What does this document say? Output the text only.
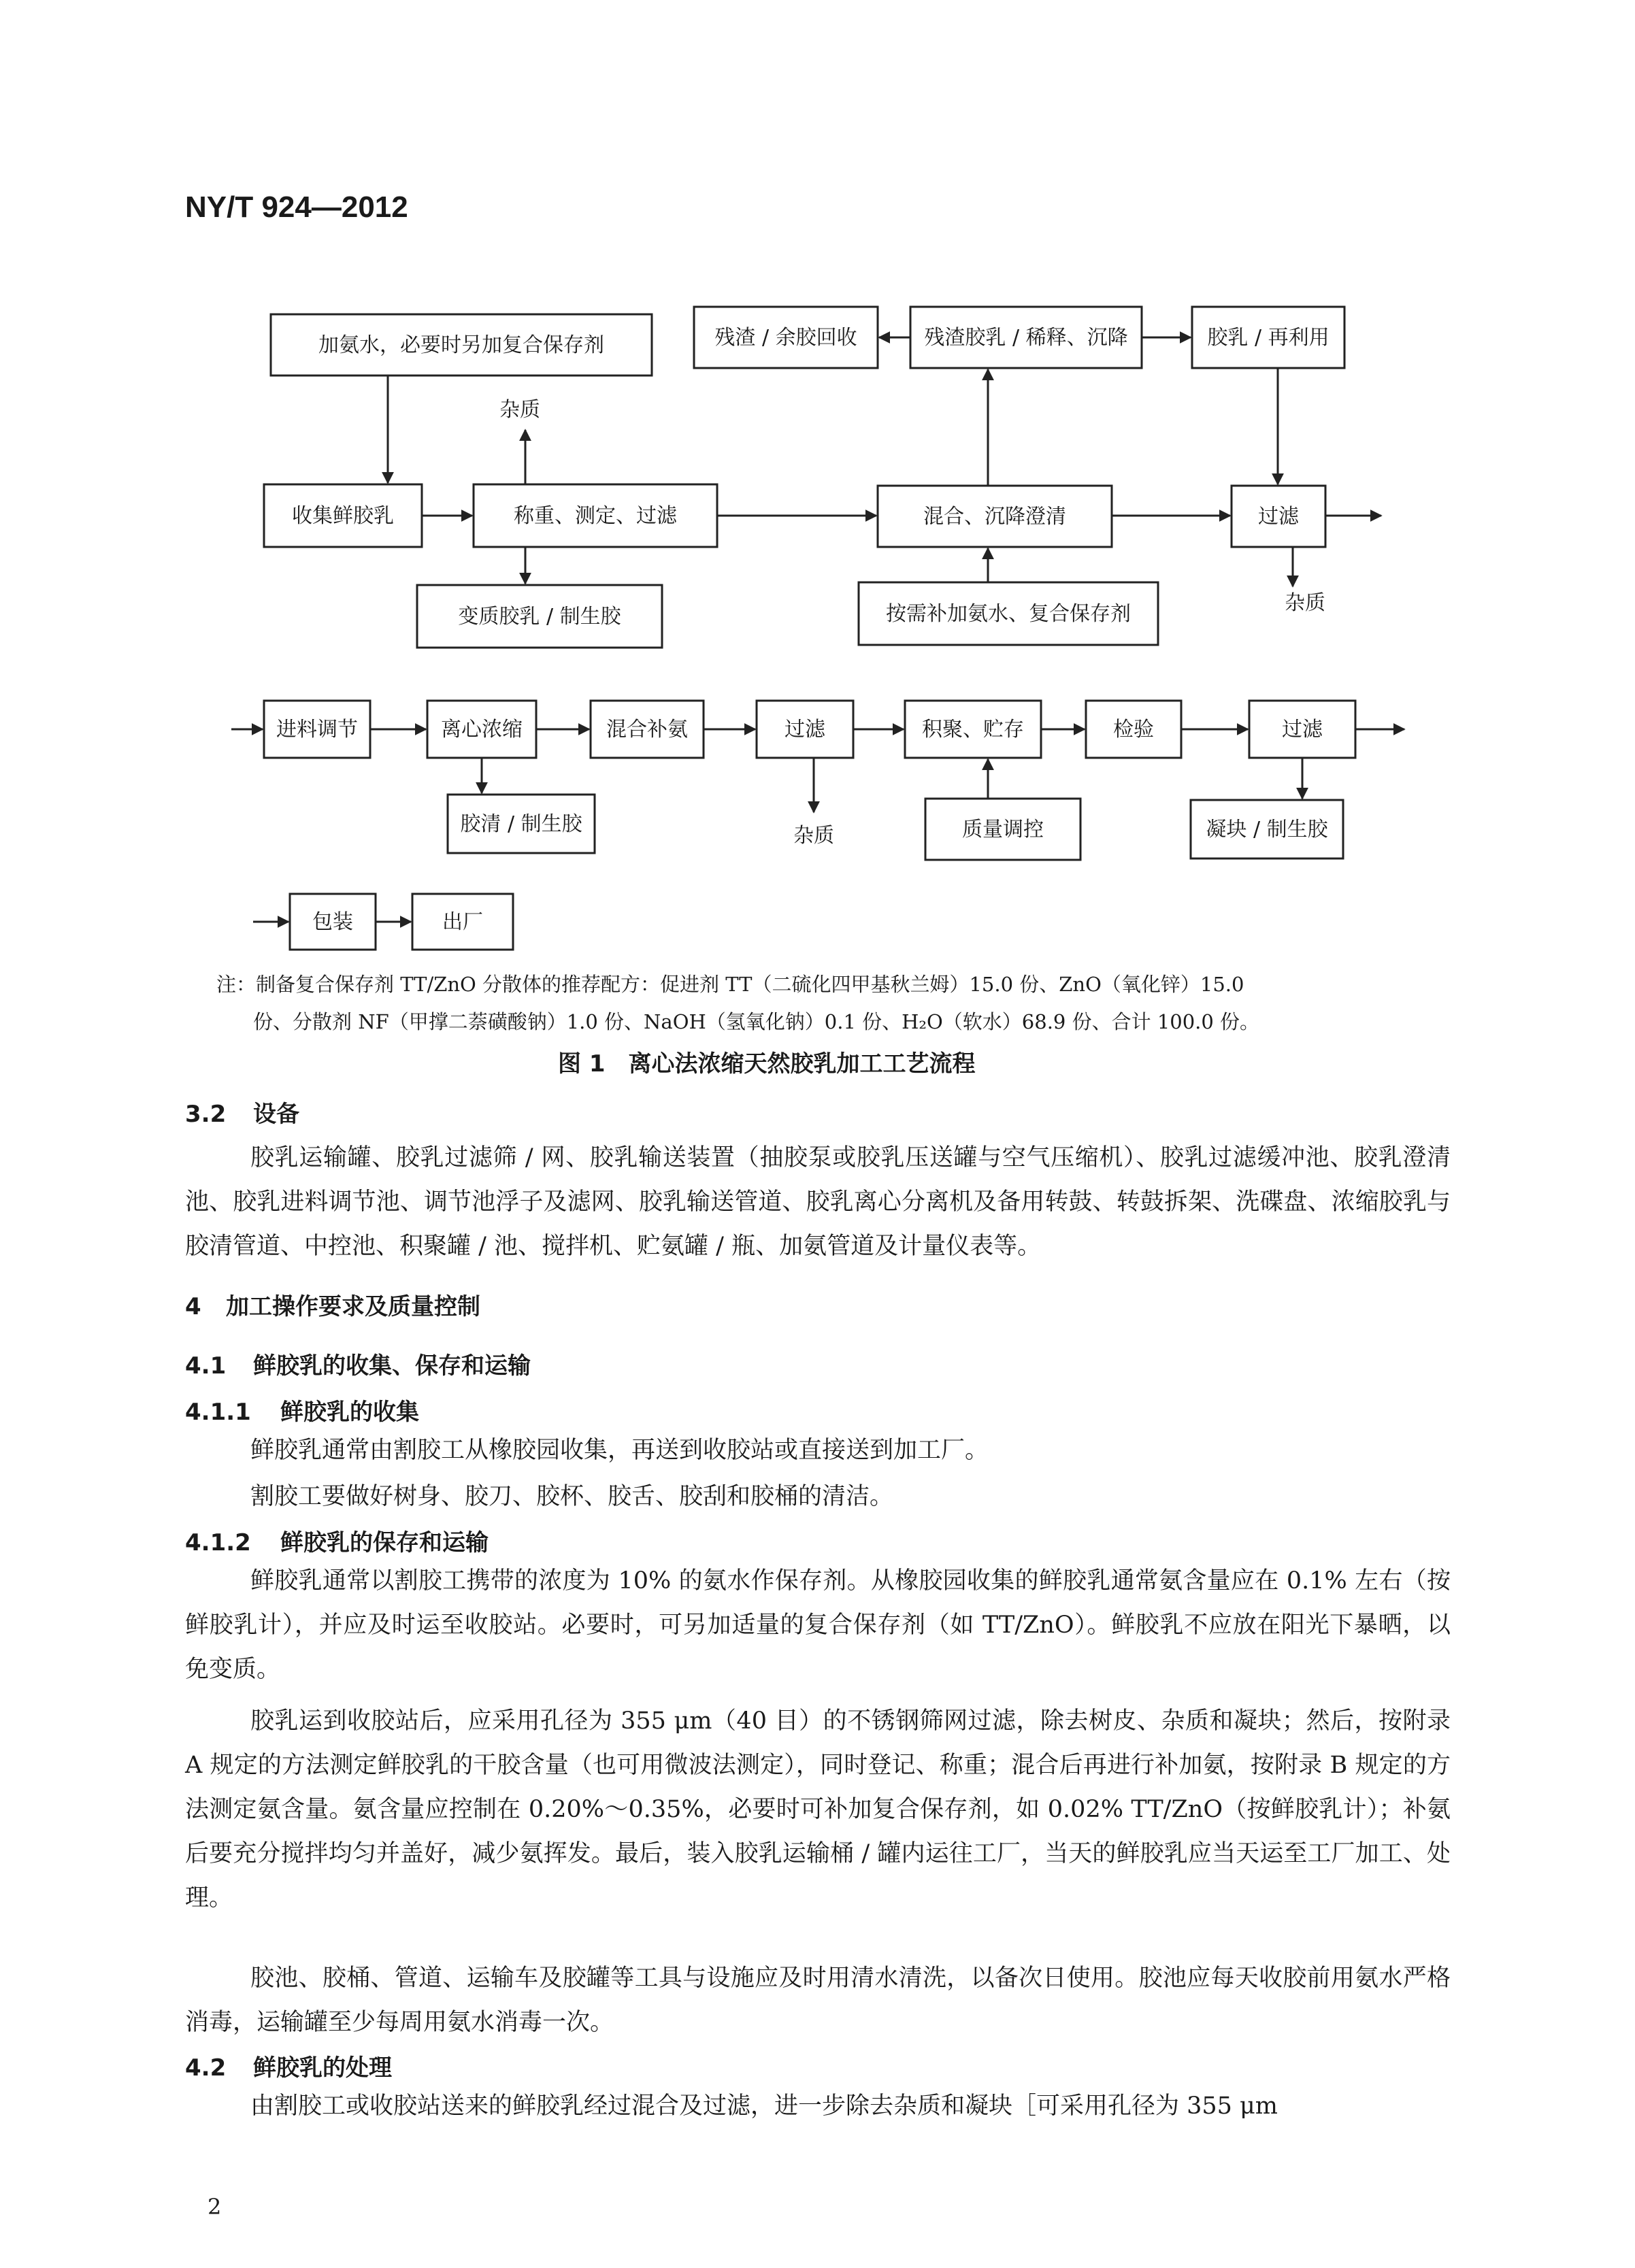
NY/T 924—2012
加氨水，必要时另加复合保存剂
收集鲜胶乳	称重、测定、过滤
杂质
变质胶乳 / 制生胶
残渣 / 余胶回收	残渣胶乳 / 稀释、沉降	胶乳 / 再利用
混合、沉降澄清
按需补加氨水、复合保存剂
过滤
杂质
进料调节	离心浓缩	混合补氨	过滤	积聚、贮存	检验	过滤
胶清 / 制生胶	杂质	质量调控	凝块 / 制生胶
包装	出厂
注：制备复合保存剂 TT/ZnO 分散体的推荐配方：促进剂 TT（二硫化四甲基秋兰姆）15.0 份、ZnO（氧化锌）15.0
份、分散剂 NF（甲撑二萘磺酸钠）1.0 份、NaOH（氢氧化钠）0.1 份、H₂O（软水）68.9 份、合计 100.0 份。
图 1　离心法浓缩天然胶乳加工工艺流程
3.2 设备
胶乳运输罐、胶乳过滤筛 / 网、胶乳输送装置（抽胶泵或胶乳压送罐与空气压缩机）、胶乳过滤缓冲池、胶乳澄清池、胶乳进料调节池、调节池浮子及滤网、胶乳输送管道、胶乳离心分离机及备用转鼓、转鼓拆架、洗碟盘、浓缩胶乳与胶清管道、中控池、积聚罐 / 池、搅拌机、贮氨罐 / 瓶、加氨管道及计量仪表等。
4 加工操作要求及质量控制
4.1 鲜胶乳的收集、保存和运输
4.1.1 鲜胶乳的收集
鲜胶乳通常由割胶工从橡胶园收集，再送到收胶站或直接送到加工厂。
割胶工要做好树身、胶刀、胶杯、胶舌、胶刮和胶桶的清洁。
4.1.2 鲜胶乳的保存和运输
鲜胶乳通常以割胶工携带的浓度为 10% 的氨水作保存剂。从橡胶园收集的鲜胶乳通常氨含量应在 0.1% 左右（按鲜胶乳计），并应及时运至收胶站。必要时，可另加适量的复合保存剂（如 TT/ZnO）。鲜胶乳不应放在阳光下暴晒，以免变质。
胶乳运到收胶站后，应采用孔径为 355 μm（40 目）的不锈钢筛网过滤，除去树皮、杂质和凝块；然后，按附录 A 规定的方法测定鲜胶乳的干胶含量（也可用微波法测定），同时登记、称重；混合后再进行补加氨，按附录 B 规定的方法测定氨含量。氨含量应控制在 0.20%～0.35%，必要时可补加复合保存剂，如 0.02% TT/ZnO（按鲜胶乳计）；补氨后要充分搅拌均匀并盖好，减少氨挥发。最后，装入胶乳运输桶 / 罐内运往工厂，当天的鲜胶乳应当天运至工厂加工、处理。
胶池、胶桶、管道、运输车及胶罐等工具与设施应及时用清水清洗，以备次日使用。胶池应每天收胶前用氨水严格消毒，运输罐至少每周用氨水消毒一次。
4.2 鲜胶乳的处理
由割胶工或收胶站送来的鲜胶乳经过混合及过滤，进一步除去杂质和凝块［可采用孔径为 355 μm
2
